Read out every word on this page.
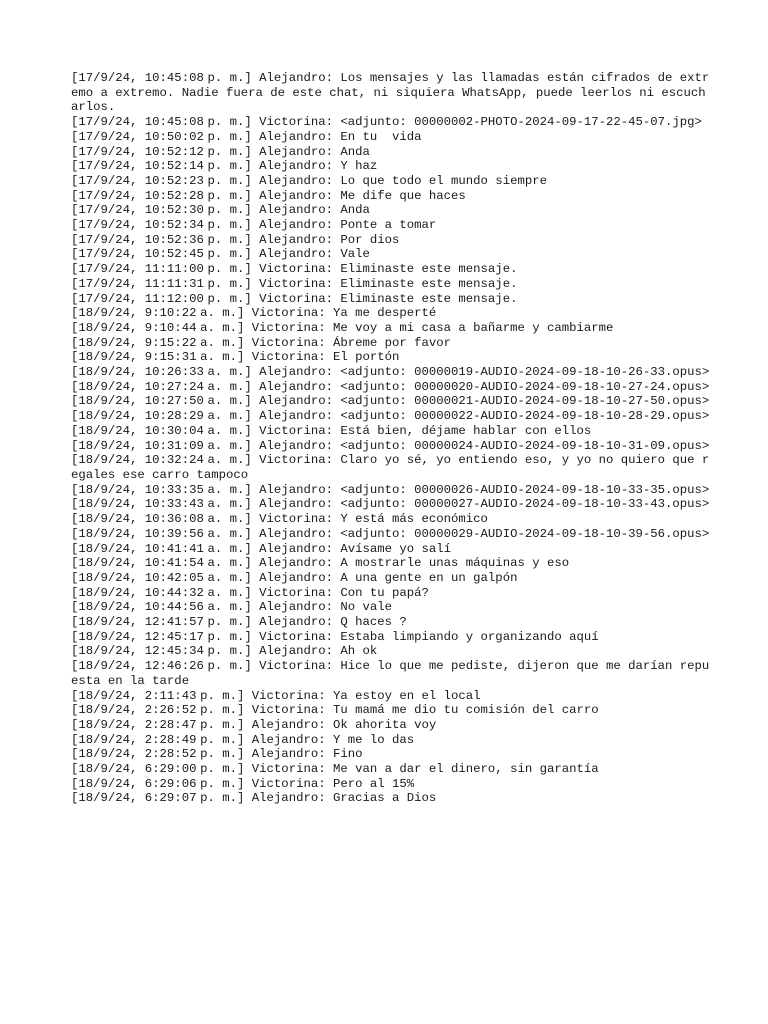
[17/9/24, 10:45:08 p. m.] Alejandro: Los mensajes y las llamadas están cifrados de extremo a extremo. Nadie fuera de este chat, ni siquiera WhatsApp, puede leerlos ni escucharlos.

[17/9/24, 10:45:08 p. m.] Victorina: <adjunto: 00000002-PHOTO-2024-09-17-22-45-07.jpg>

[17/9/24, 10:50:02 p. m.] Alejandro: En tu  vida

[17/9/24, 10:52:12 p. m.] Alejandro: Anda

[17/9/24, 10:52:14 p. m.] Alejandro: Y haz

[17/9/24, 10:52:23 p. m.] Alejandro: Lo que todo el mundo siempre

[17/9/24, 10:52:28 p. m.] Alejandro: Me dife que haces

[17/9/24, 10:52:30 p. m.] Alejandro: Anda

[17/9/24, 10:52:34 p. m.] Alejandro: Ponte a tomar

[17/9/24, 10:52:36 p. m.] Alejandro: Por dios

[17/9/24, 10:52:45 p. m.] Alejandro: Vale

[17/9/24, 11:11:00 p. m.] Victorina: Eliminaste este mensaje.

[17/9/24, 11:11:31 p. m.] Victorina: Eliminaste este mensaje.

[17/9/24, 11:12:00 p. m.] Victorina: Eliminaste este mensaje.

[18/9/24, 9:10:22 a. m.] Victorina: Ya me desperté

[18/9/24, 9:10:44 a. m.] Victorina: Me voy a mi casa a bañarme y cambiarme

[18/9/24, 9:15:22 a. m.] Victorina: Ábreme por favor

[18/9/24, 9:15:31 a. m.] Victorina: El portón

[18/9/24, 10:26:33 a. m.] Alejandro: <adjunto: 00000019-AUDIO-2024-09-18-10-26-33.opus>

[18/9/24, 10:27:24 a. m.] Alejandro: <adjunto: 00000020-AUDIO-2024-09-18-10-27-24.opus>

[18/9/24, 10:27:50 a. m.] Alejandro: <adjunto: 00000021-AUDIO-2024-09-18-10-27-50.opus>

[18/9/24, 10:28:29 a. m.] Alejandro: <adjunto: 00000022-AUDIO-2024-09-18-10-28-29.opus>

[18/9/24, 10:30:04 a. m.] Victorina: Está bien, déjame hablar con ellos

[18/9/24, 10:31:09 a. m.] Alejandro: <adjunto: 00000024-AUDIO-2024-09-18-10-31-09.opus>

[18/9/24, 10:32:24 a. m.] Victorina: Claro yo sé, yo entiendo eso, y yo no quiero que regales ese carro tampoco

[18/9/24, 10:33:35 a. m.] Alejandro: <adjunto: 00000026-AUDIO-2024-09-18-10-33-35.opus>

[18/9/24, 10:33:43 a. m.] Alejandro: <adjunto: 00000027-AUDIO-2024-09-18-10-33-43.opus>

[18/9/24, 10:36:08 a. m.] Victorina: Y está más económico

[18/9/24, 10:39:56 a. m.] Alejandro: <adjunto: 00000029-AUDIO-2024-09-18-10-39-56.opus>

[18/9/24, 10:41:41 a. m.] Alejandro: Avísame yo salí

[18/9/24, 10:41:54 a. m.] Alejandro: A mostrarle unas máquinas y eso

[18/9/24, 10:42:05 a. m.] Alejandro: A una gente en un galpón

[18/9/24, 10:44:32 a. m.] Victorina: Con tu papá?

[18/9/24, 10:44:56 a. m.] Alejandro: No vale

[18/9/24, 12:41:57 p. m.] Alejandro: Q haces ?

[18/9/24, 12:45:17 p. m.] Victorina: Estaba limpiando y organizando aquí

[18/9/24, 12:45:34 p. m.] Alejandro: Ah ok

[18/9/24, 12:46:26 p. m.] Victorina: Hice lo que me pediste, dijeron que me darían repuesta en la tarde

[18/9/24, 2:11:43 p. m.] Victorina: Ya estoy en el local

[18/9/24, 2:26:52 p. m.] Victorina: Tu mamá me dio tu comisión del carro

[18/9/24, 2:28:47 p. m.] Alejandro: Ok ahorita voy

[18/9/24, 2:28:49 p. m.] Alejandro: Y me lo das

[18/9/24, 2:28:52 p. m.] Alejandro: Fino

[18/9/24, 6:29:00 p. m.] Victorina: Me van a dar el dinero, sin garantía

[18/9/24, 6:29:06 p. m.] Victorina: Pero al 15%

[18/9/24, 6:29:07 p. m.] Alejandro: Gracias a Dios
